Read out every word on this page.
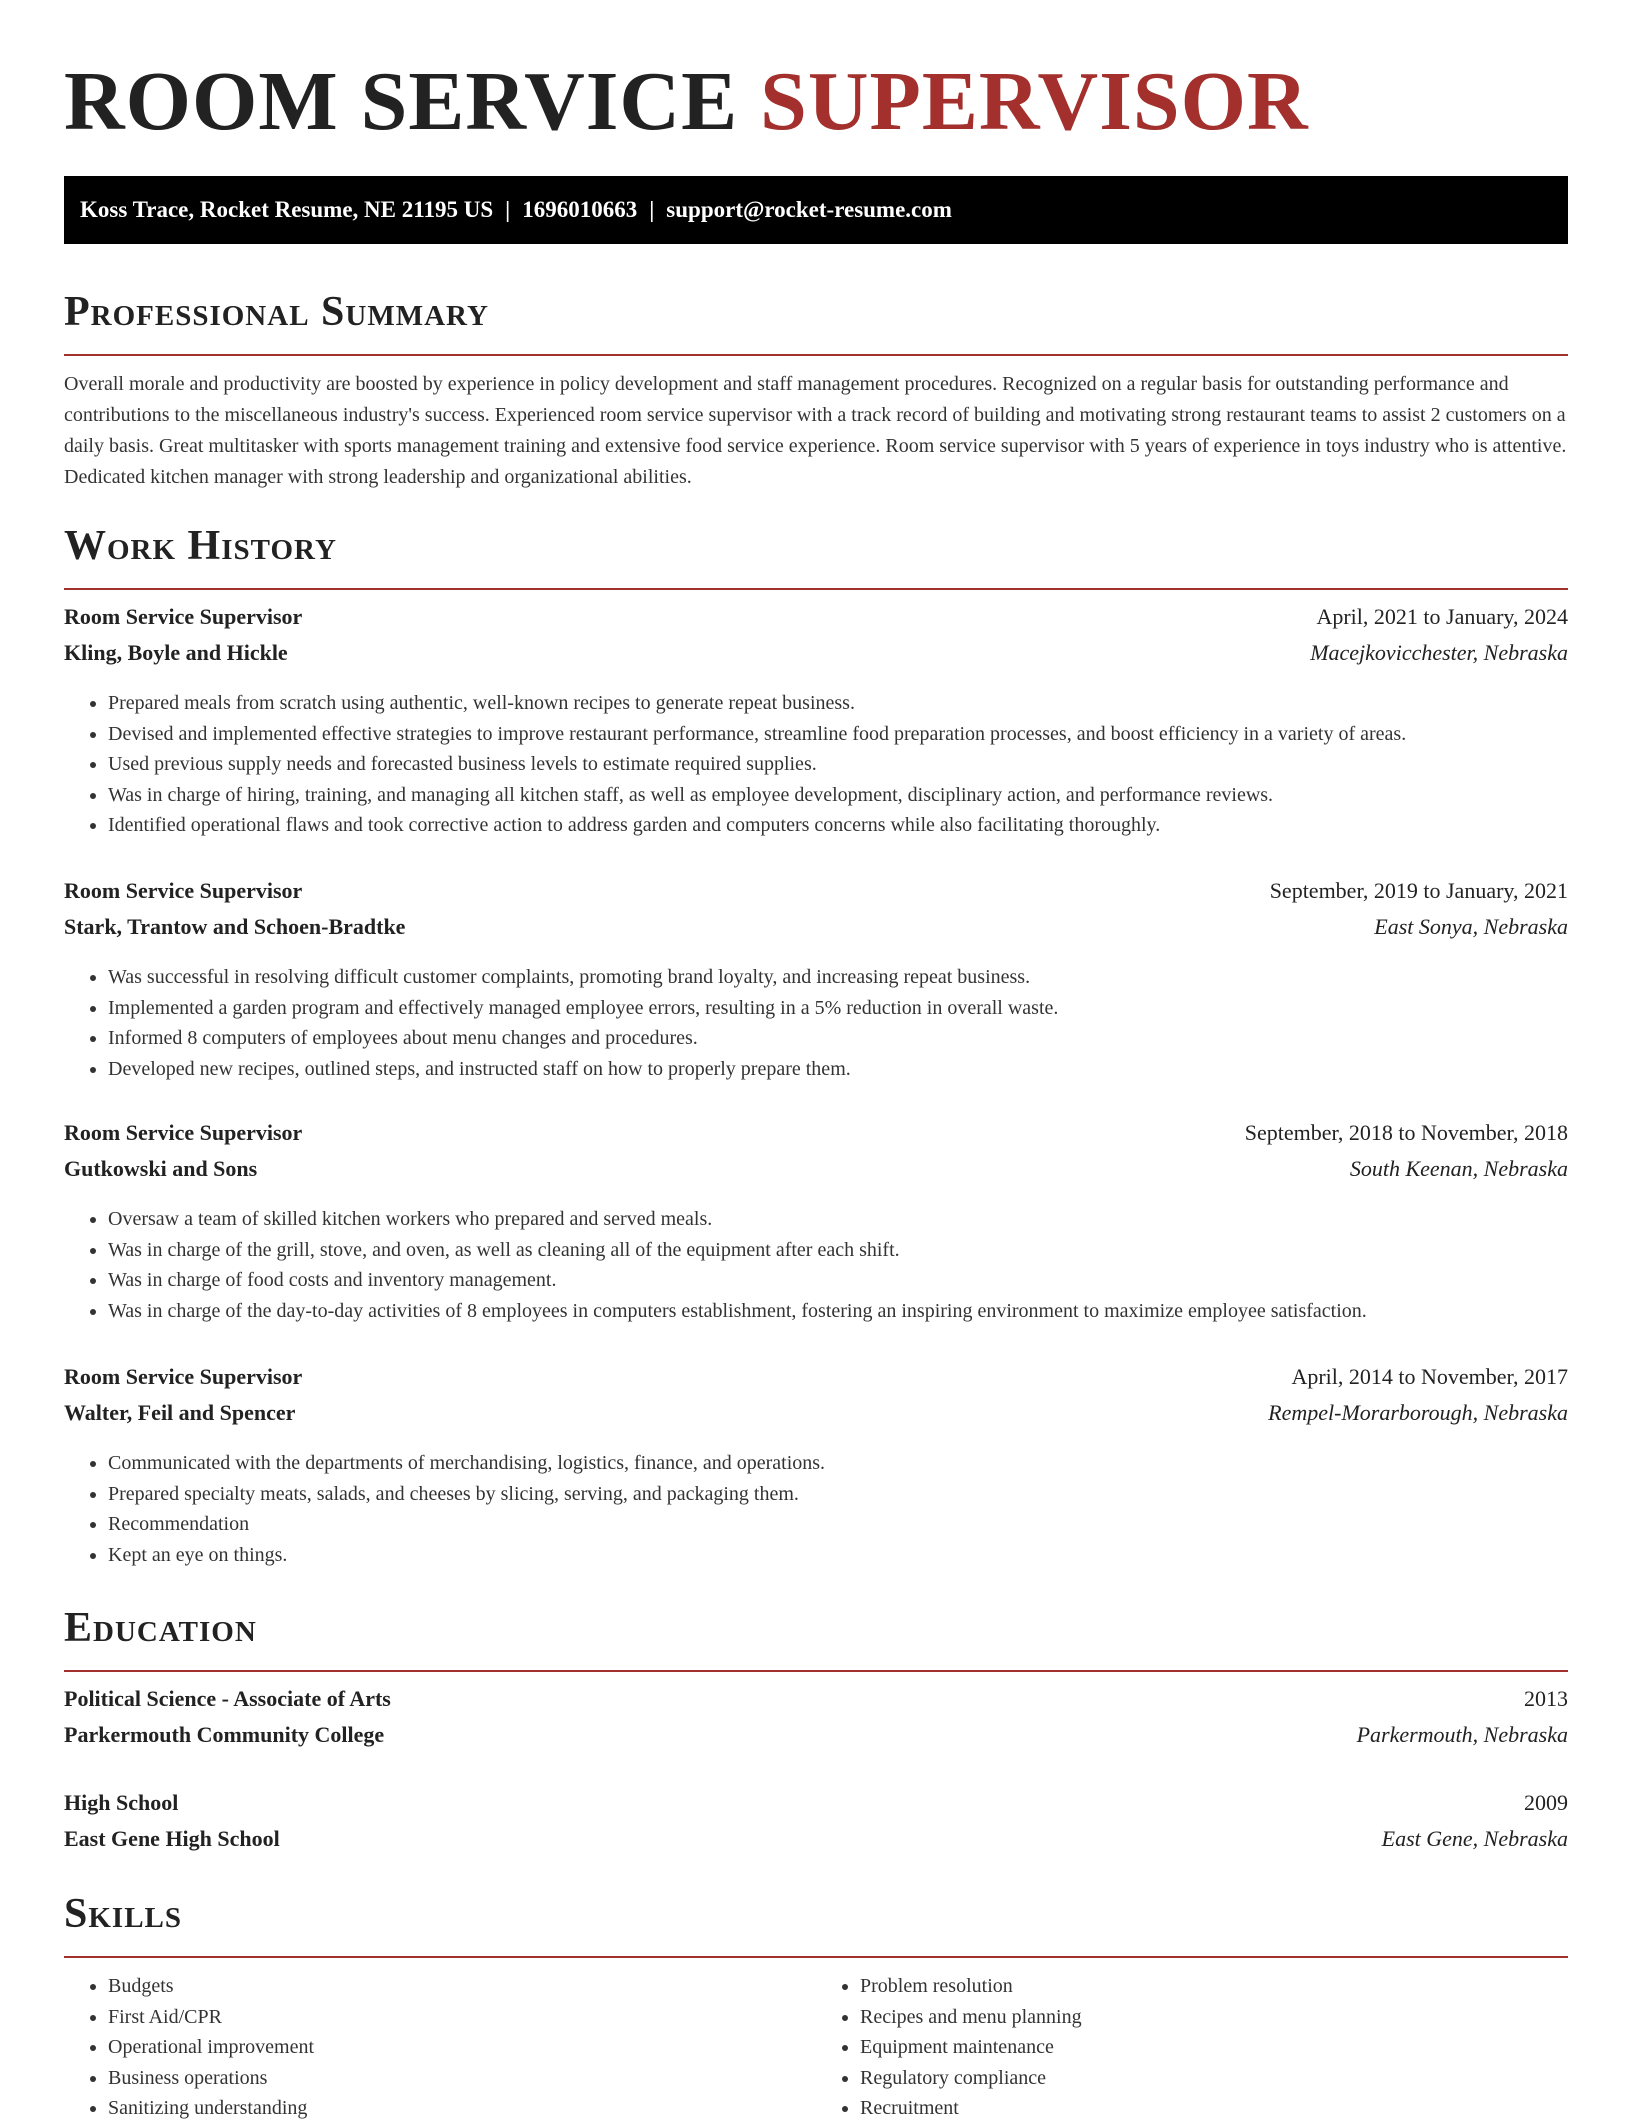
ROOM SERVICE SUPERVISOR
Koss Trace, Rocket Resume, NE 21195 US | 1696010663 | support@rocket-resume.com
Professional Summary

Overall morale and productivity are boosted by experience in policy development and staff management procedures. Recognized on a regular basis for outstanding performance and contributions to the miscellaneous industry's success. Experienced room service supervisor with a track record of building and motivating strong restaurant teams to assist 2 customers on a daily basis. Great multitasker with sports management training and extensive food service experience. Room service supervisor with 5 years of experience in toys industry who is attentive. Dedicated kitchen manager with strong leadership and organizational abilities.

Work History
Room Service Supervisor	April, 2021 to January, 2024
Kling, Boyle and Hickle	Macejkovicchester, Nebraska
• Prepared meals from scratch using authentic, well-known recipes to generate repeat business.
• Devised and implemented effective strategies to improve restaurant performance, streamline food preparation processes, and boost efficiency in a variety of areas.
• Used previous supply needs and forecasted business levels to estimate required supplies.
• Was in charge of hiring, training, and managing all kitchen staff, as well as employee development, disciplinary action, and performance reviews.
• Identified operational flaws and took corrective action to address garden and computers concerns while also facilitating thoroughly.
Room Service Supervisor	September, 2019 to January, 2021
Stark, Trantow and Schoen-Bradtke	East Sonya, Nebraska
• Was successful in resolving difficult customer complaints, promoting brand loyalty, and increasing repeat business.
• Implemented a garden program and effectively managed employee errors, resulting in a 5% reduction in overall waste.
• Informed 8 computers of employees about menu changes and procedures.
• Developed new recipes, outlined steps, and instructed staff on how to properly prepare them.
Room Service Supervisor	September, 2018 to November, 2018
Gutkowski and Sons	South Keenan, Nebraska
• Oversaw a team of skilled kitchen workers who prepared and served meals.
• Was in charge of the grill, stove, and oven, as well as cleaning all of the equipment after each shift.
• Was in charge of food costs and inventory management.
• Was in charge of the day-to-day activities of 8 employees in computers establishment, fostering an inspiring environment to maximize employee satisfaction.
Room Service Supervisor	April, 2014 to November, 2017
Walter, Feil and Spencer	Rempel-Morarborough, Nebraska
• Communicated with the departments of merchandising, logistics, finance, and operations.
• Prepared specialty meats, salads, and cheeses by slicing, serving, and packaging them.
• Recommendation
• Kept an eye on things.
Education
Political Science - Associate of Arts	2013
Parkermouth Community College	Parkermouth, Nebraska
High School	2009
East Gene High School	East Gene, Nebraska
Skills
• Budgets
• First Aid/CPR
• Operational improvement
• Business operations
• Sanitizing understanding
• Problem resolution
• Recipes and menu planning
• Equipment maintenance
• Regulatory compliance
• Recruitment
